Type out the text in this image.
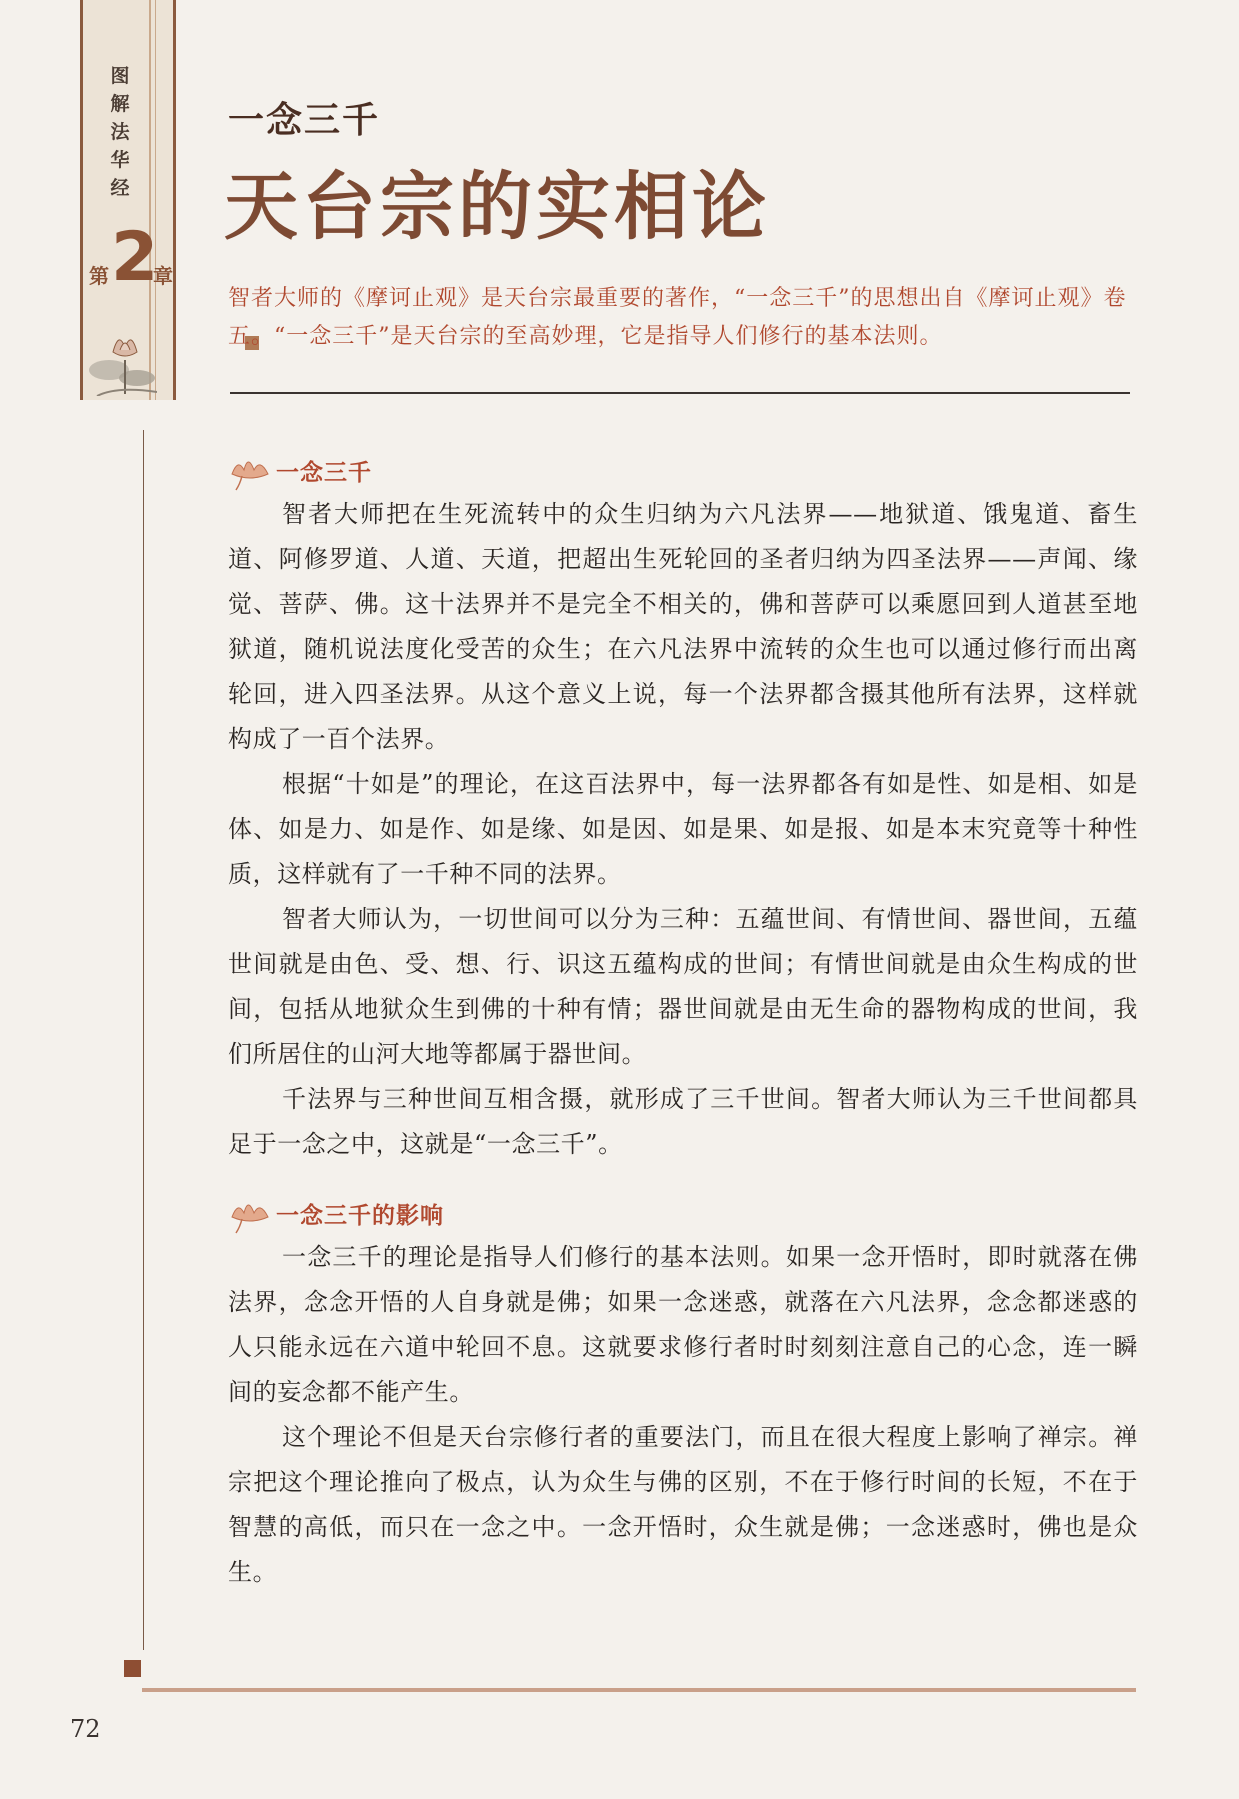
图解法华经
第 2
章
一念三千
天台宗的实相论
智者大师的《摩诃止观》是天台宗最重要的著作，“一念三千”的思想出自《摩诃止观》卷五。“一念三千”是天台宗的至高妙理，它是指导人们修行的基本法则。
一念三千

智者大师把在生死流转中的众生归纳为六凡法界——地狱道、饿鬼道、畜生道、阿修罗道、人道、天道，把超出生死轮回的圣者归纳为四圣法界——声闻、缘觉、菩萨、佛。这十法界并不是完全不相关的，佛和菩萨可以乘愿回到人道甚至地狱道，随机说法度化受苦的众生；在六凡法界中流转的众生也可以通过修行而出离轮回，进入四圣法界。从这个意义上说，每一个法界都含摄其他所有法界，这样就构成了一百个法界。

根据“十如是”的理论，在这百法界中，每一法界都各有如是性、如是相、如是体、如是力、如是作、如是缘、如是因、如是果、如是报、如是本末究竟等十种性质，这样就有了一千种不同的法界。

智者大师认为，一切世间可以分为三种：五蕴世间、有情世间、器世间，五蕴世间就是由色、受、想、行、识这五蕴构成的世间；有情世间就是由众生构成的世间，包括从地狱众生到佛的十种有情；器世间就是由无生命的器物构成的世间，我们所居住的山河大地等都属于器世间。

千法界与三种世间互相含摄，就形成了三千世间。智者大师认为三千世间都具足于一念之中，这就是“一念三千”。

一念三千的影响

一念三千的理论是指导人们修行的基本法则。如果一念开悟时，即时就落在佛法界，念念开悟的人自身就是佛；如果一念迷惑，就落在六凡法界，念念都迷惑的人只能永远在六道中轮回不息。这就要求修行者时时刻刻注意自己的心念，连一瞬间的妄念都不能产生。

这个理论不但是天台宗修行者的重要法门，而且在很大程度上影响了禅宗。禅宗把这个理论推向了极点，认为众生与佛的区别，不在于修行时间的长短，不在于智慧的高低，而只在一念之中。一念开悟时，众生就是佛；一念迷惑时，佛也是众生。

72
